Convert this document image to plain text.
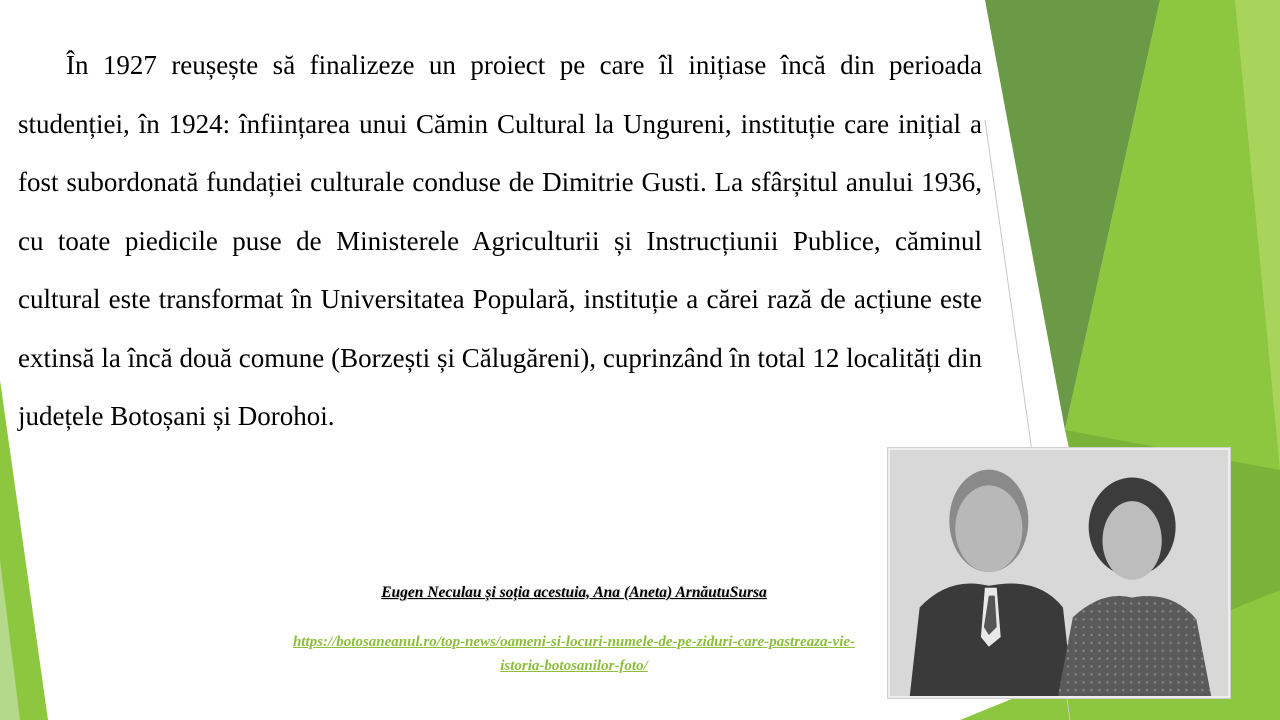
În 1927 reușește să finalizeze un proiect pe care îl inițiase încă din perioada studenției, în 1924: înființarea unui Cămin Cultural la Ungureni, instituție care inițial a fost subordonată fundației culturale conduse de Dimitrie Gusti. La sfârșitul anului 1936, cu toate piedicile puse de Ministerele Agriculturii și Instrucțiunii Publice, căminul cultural este transformat în Universitatea Populară, instituție a cărei rază de acțiune este extinsă la încă două comune (Borzești și Călugăreni), cuprinzând în total 12 localități din județele Botoșani și Dorohoi.

Eugen Neculau și soția acestuia, Ana (Aneta) ArnăutuSursa
https://botosaneanul.ro/top-news/oameni-si-locuri-numele-de-pe-ziduri-care-pastreaza-vie-istoria-botosanilor-foto/
